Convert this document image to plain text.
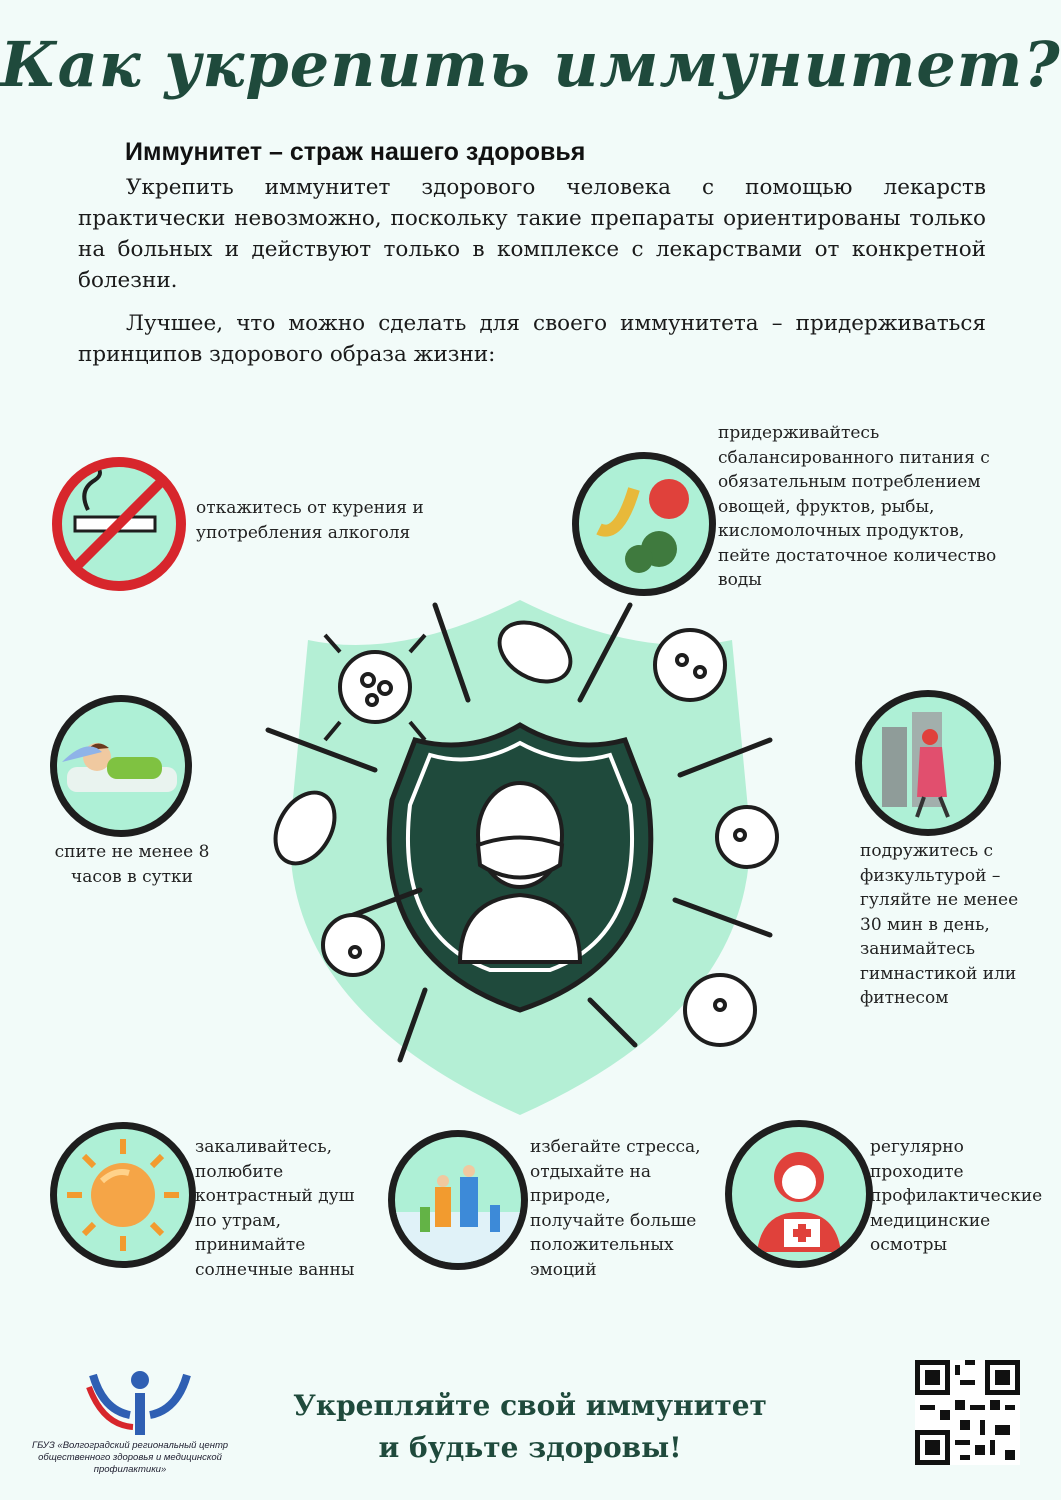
Как укрепить иммунитет?
Иммунитет – страж нашего здоровья
Укрепить иммунитет здорового человека с помощью лекарств практически невозможно, поскольку такие препараты ориентированы только на больных и действуют только в комплексе с лекарствами от конкретной болезни.
Лучшее, что можно сделать для своего иммунитета – придерживаться принципов здорового образа жизни:
откажитесь от курения и употребления алкоголя
придерживайтесь сбалансированного питания с обязательным потреблением овощей, фруктов, рыбы, кисломолочных продуктов, пейте достаточное количество воды
спите не менее 8 часов в сутки
подружитесь с физкультурой – гуляйте не менее 30 мин в день, занимайтесь гимнастикой или фитнесом
закаливайтесь, полюбите контрастный душ по утрам, принимайте солнечные ванны
избегайте стресса, отдыхайте на природе, получайте больше положительных эмоций
регулярно проходите профилактические медицинские осмотры
ГБУЗ «Волгоградский региональный центр общественного здоровья и медицинской профилактики»
Укрепляйте свой иммунитет
и будьте здоровы!
